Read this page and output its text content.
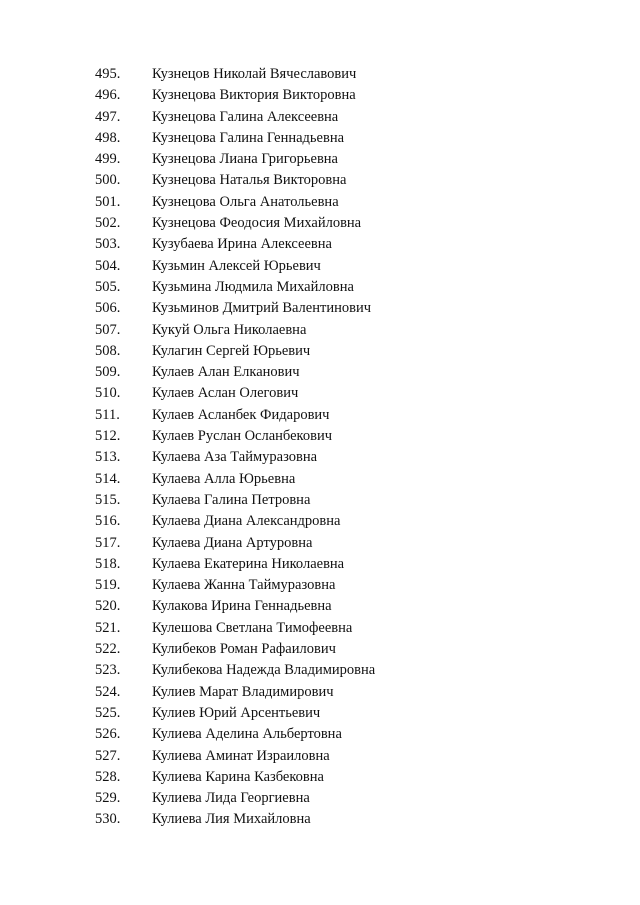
495. Кузнецов Николай Вячеславович
496. Кузнецова Виктория Викторовна
497. Кузнецова Галина Алексеевна
498. Кузнецова Галина Геннадьевна
499. Кузнецова Лиана Григорьевна
500. Кузнецова Наталья Викторовна
501. Кузнецова Ольга Анатольевна
502. Кузнецова Феодосия Михайловна
503. Кузубаева Ирина Алексеевна
504. Кузьмин Алексей Юрьевич
505. Кузьмина Людмила Михайловна
506. Кузьминов Дмитрий Валентинович
507. Кукуй Ольга Николаевна
508. Кулагин Сергей Юрьевич
509. Кулаев Алан Елканович
510. Кулаев Аслан Олегович
511. Кулаев Асланбек Фидарович
512. Кулаев Руслан Осланбекович
513. Кулаева Аза Таймуразовна
514. Кулаева Алла Юрьевна
515. Кулаева Галина Петровна
516. Кулаева Диана Александровна
517. Кулаева Диана Артуровна
518. Кулаева Екатерина Николаевна
519. Кулаева Жанна Таймуразовна
520. Кулакова Ирина Геннадьевна
521. Кулешова Светлана Тимофеевна
522. Кулибеков Роман Рафаилович
523. Кулибекова Надежда Владимировна
524. Кулиев Марат Владимирович
525. Кулиев Юрий Арсентьевич
526. Кулиева Аделина Альбертовна
527. Кулиева Аминат Израиловна
528. Кулиева Карина Казбековна
529. Кулиева Лида Георгиевна
530. Кулиева Лия Михайловна
